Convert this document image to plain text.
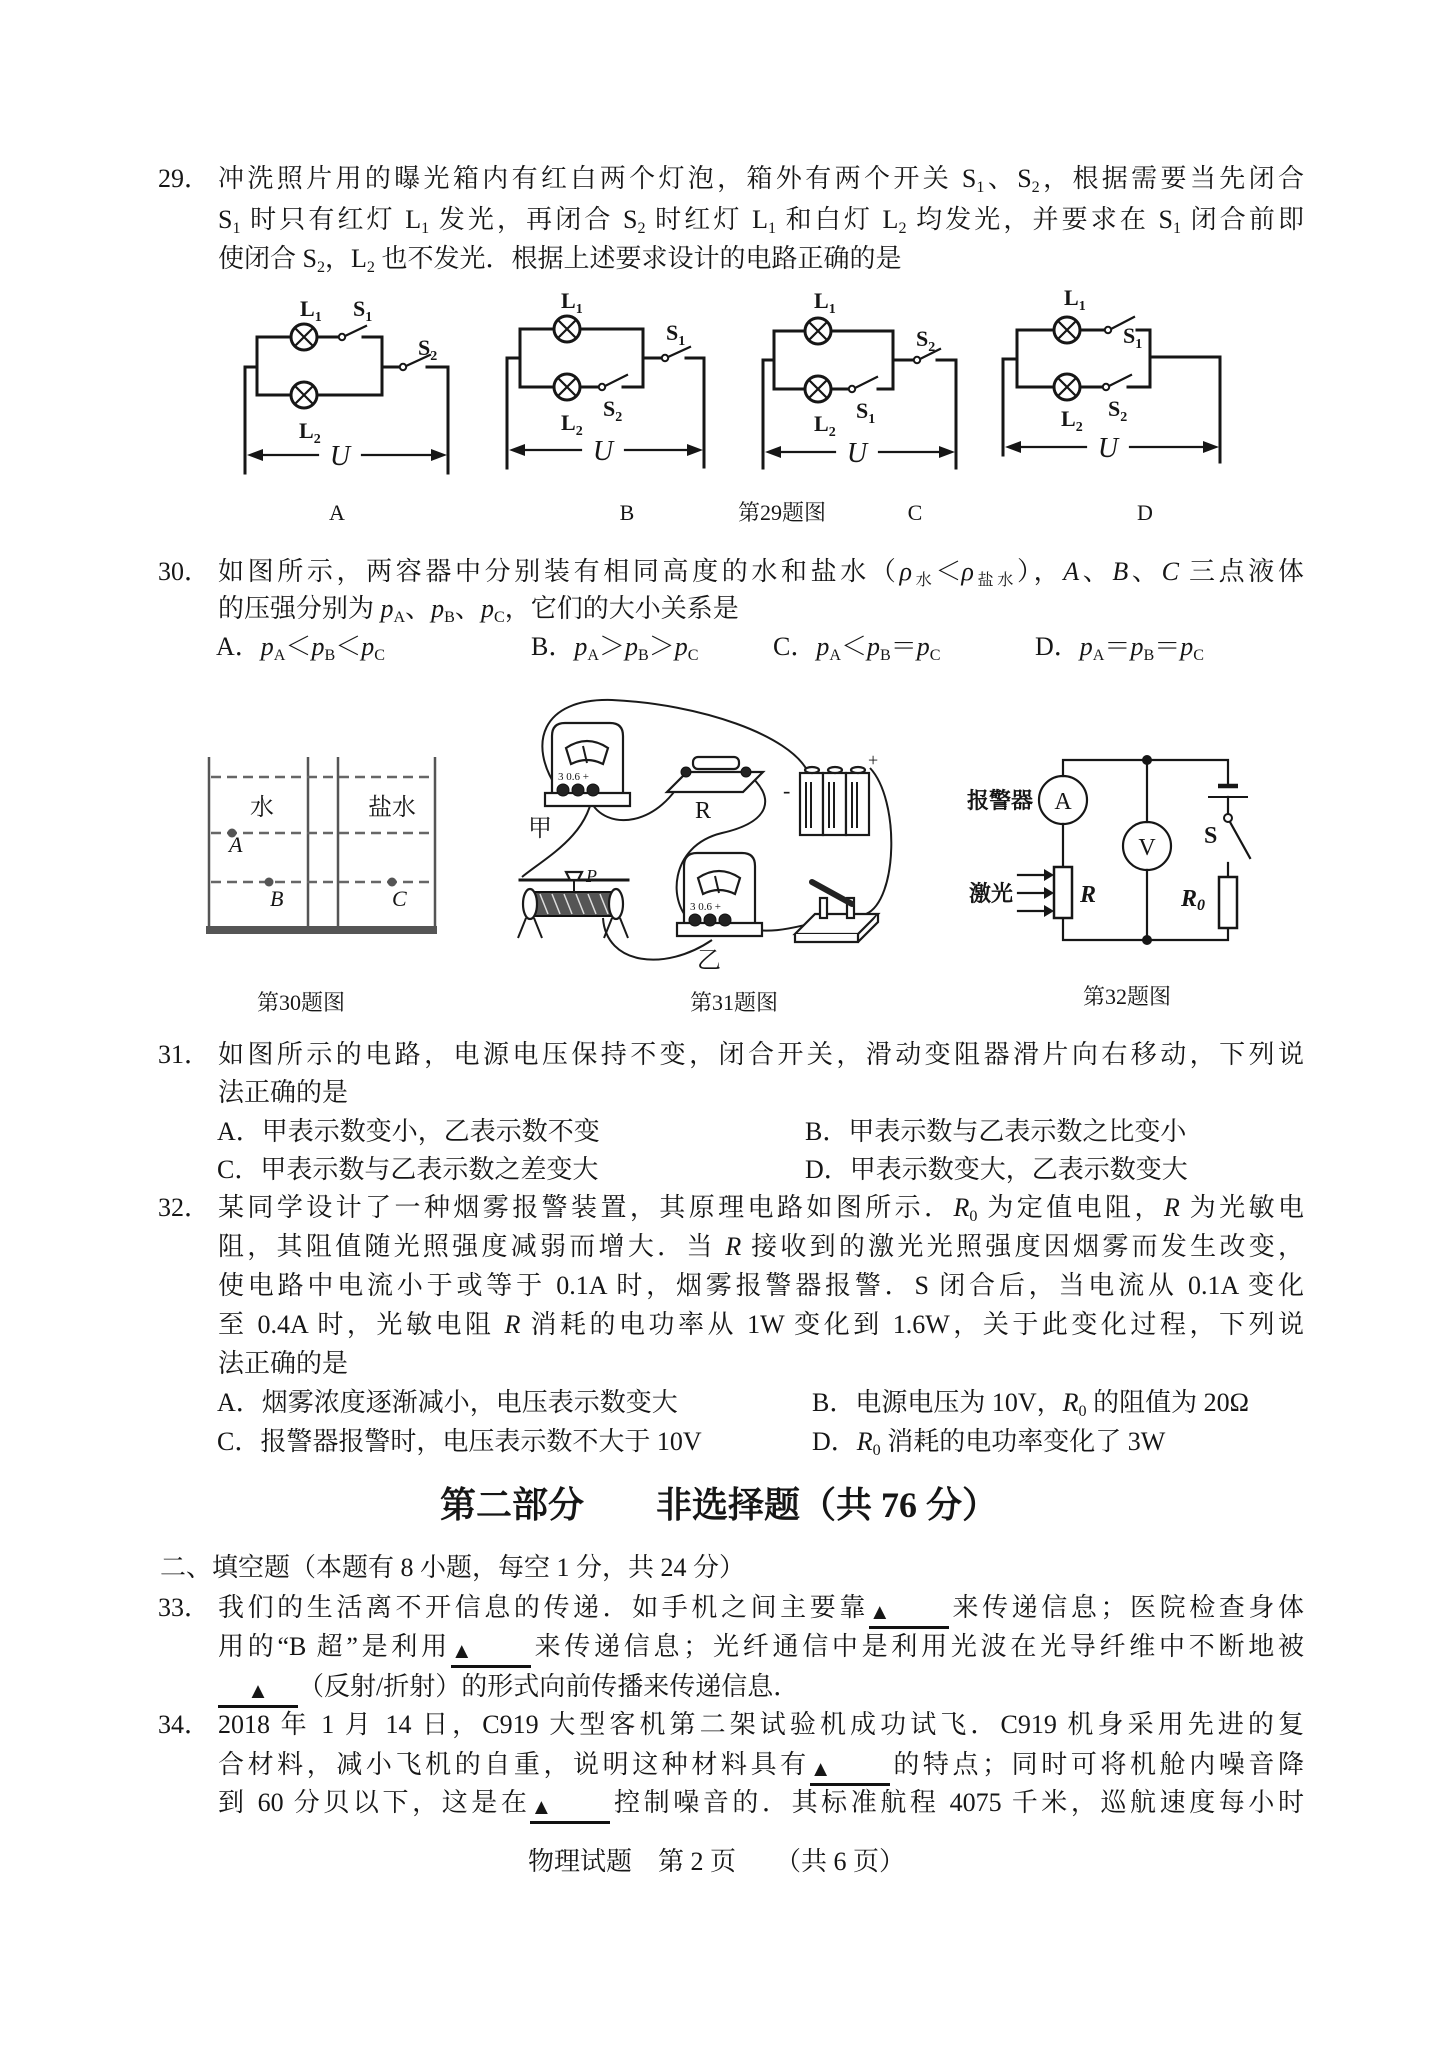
29． 冲洗照片用的曝光箱内有红白两个灯泡，箱外有两个开关 S1、S2，根据需要当先闭合
S1 时只有红灯 L1 发光，再闭合 S2 时红灯 L1 和白灯 L2 均发光，并要求在 S1 闭合前即
使闭合 S2，L2 也不发光．根据上述要求设计的电路正确的是
U
$L_1$ $S_1$
$S_2$
$L_2$	U
$L_1$
$S_1$
$L_2$
$S_2$
U
$L_1$
$S_2$
$S_1$
$L_2$
U
$L_1$
$S_1$
$L_2$
$S_2$
A	B	第29题图	C	D
30． 如图所示，两容器中分别装有相同高度的水和盐水（ρ水＜ρ盐水），A、B、C 三点液体
的压强分别为 pA、pB、pC，它们的大小关系是
A．pA＜pB＜pC	B．pA＞pB＞pC	C．pA＜pB＝pC	D．pA＝pB＝pC
水	盐水
A
B	C
第30题图
3 0.6 +
甲
R
-
+
P
3 0.6 +
乙
第31题图
A
报警器
V
R
激光
S
R0
第32题图
31． 如图所示的电路，电源电压保持不变，闭合开关，滑动变阻器滑片向右移动，下列说
法正确的是
A．甲表示数变小，乙表示数不变	B．甲表示数与乙表示数之比变小
C．甲表示数与乙表示数之差变大	D．甲表示数变大，乙表示数变大
32． 某同学设计了一种烟雾报警装置，其原理电路如图所示．R0 为定值电阻，R 为光敏电
阻，其阻值随光照强度减弱而增大．当 R 接收到的激光光照强度因烟雾而发生改变，
使电路中电流小于或等于 0.1A 时，烟雾报警器报警．S 闭合后，当电流从 0.1A 变化
至 0.4A 时，光敏电阻 R 消耗的电功率从 1W 变化到 1.6W，关于此变化过程，下列说
法正确的是
A．烟雾浓度逐渐减小，电压表示数变大	B．电源电压为 10V，R0 的阻值为 20Ω
C．报警器报警时，电压表示数不大于 10V	D．R0 消耗的电功率变化了 3W
第二部分　　非选择题（共 76 分）
二、填空题（本题有 8 小题，每空 1 分，共 24 分）
33． 我们的生活离不开信息的传递．如手机之间主要靠▲ 来传递信息；医院检查身体
用的“B 超”是利用▲ 来传递信息；光纤通信中是利用光波在光导纤维中不断地被
▲ （反射/折射）的形式向前传播来传递信息．
34． 2018 年 1 月 14 日，C919 大型客机第二架试验机成功试飞．C919 机身采用先进的复
合材料，减小飞机的自重，说明这种材料具有▲ 的特点；同时可将机舱内噪音降
到 60 分贝以下，这是在▲ 控制噪音的．其标准航程 4075 千米，巡航速度每小时
物理试题　第 2 页　　（共 6 页）
